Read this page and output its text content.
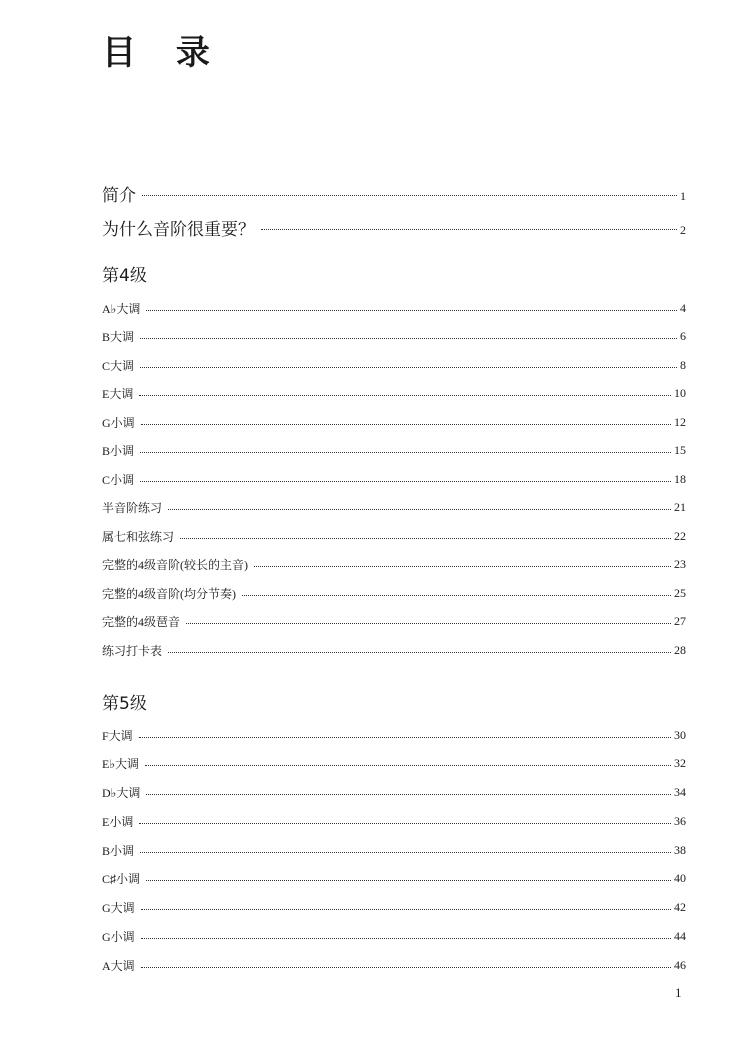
目 录
简介	1
为什么音阶很重要？	2
第4级
A♭大调	4
B大调	6
C大调	8
E大调	10
G小调	12
B小调	15
C小调	18
半音阶练习	21
属七和弦练习	22
完整的4级音阶(较长的主音)	23
完整的4级音阶(均分节奏)	25
完整的4级琶音	27
练习打卡表	28
第5级
F大调	30
E♭大调	32
D♭大调	34
E小调	36
B小调	38
C♯小调	40
G大调	42
G小调	44
A大调	46
1
